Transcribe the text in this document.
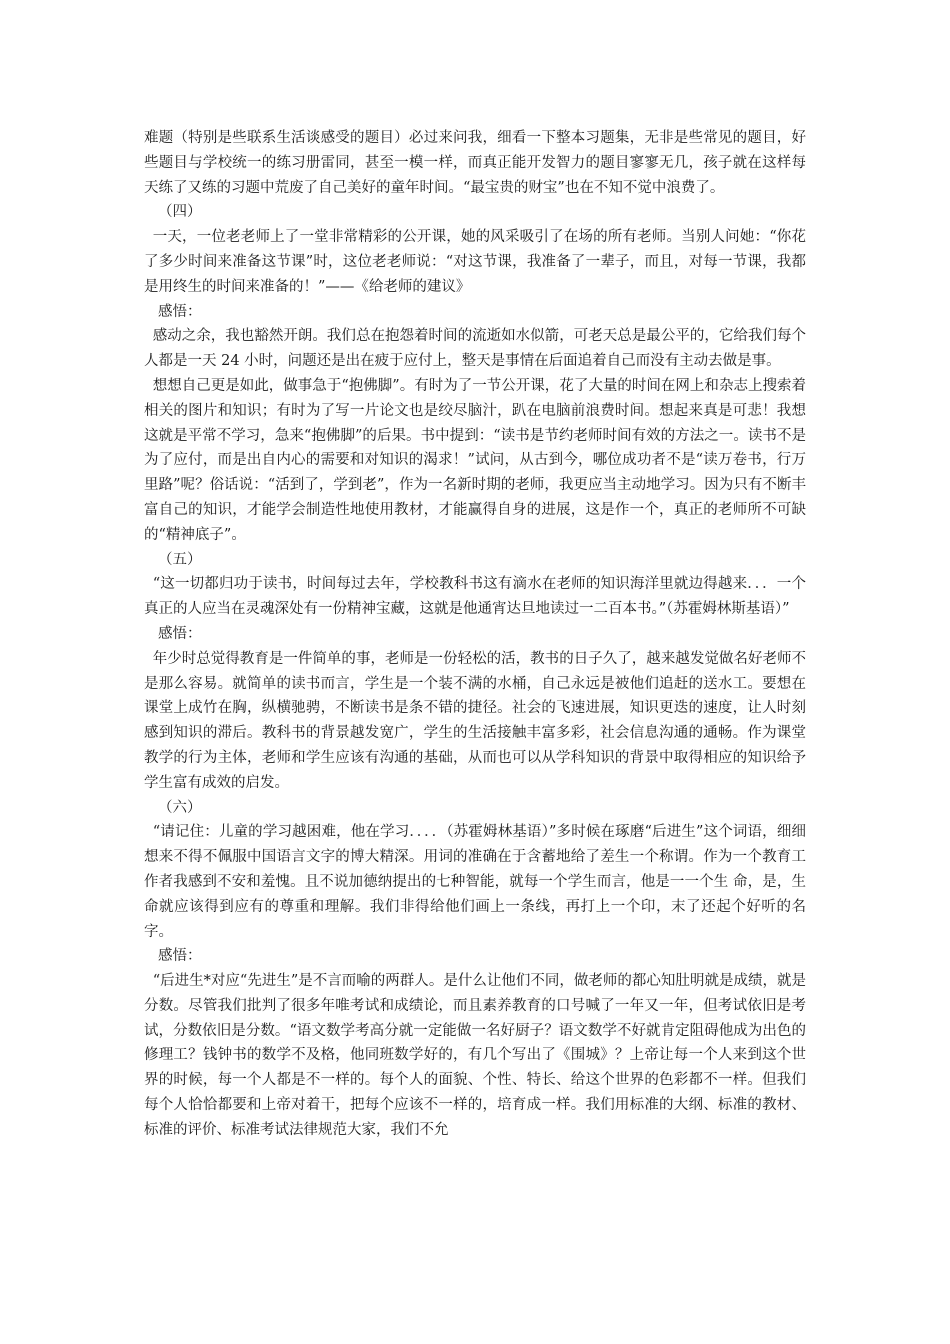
难题（特别是些联系生活谈感受的题目）必过来问我，细看一下整本习题集，无非是些常见的题目，好些题目与学校统一的练习册雷同，甚至一模一样，而真正能开发智力的题目寥寥无几，孩子就在这样每天练了又练的习题中荒废了自己美好的童年时间。“最宝贵的财宝”也在不知不觉中浪费了。

（四）

一天，一位老老师上了一堂非常精彩的公开课，她的风采吸引了在场的所有老师。当别人问她：“你花了多少时间来准备这节课”时，这位老老师说：“对这节课，我准备了一辈子，而且，对每一节课，我都是用终生的时间来准备的！”——《给老师的建议》

感悟：

感动之余，我也豁然开朗。我们总在抱怨着时间的流逝如水似箭，可老天总是最公平的，它给我们每个人都是一天 24 小时，问题还是出在疲于应付上，整天是事情在后面追着自己而没有主动去做是事。

想想自己更是如此，做事急于“抱佛脚”。有时为了一节公开课，花了大量的时间在网上和杂志上搜索着相关的图片和知识；有时为了写一片论文也是绞尽脑汁，趴在电脑前浪费时间。想起来真是可悲！我想这就是平常不学习，急来“抱佛脚”的后果。书中提到：“读书是节约老师时间有效的方法之一。读书不是为了应付，而是出自内心的需要和对知识的渴求！”试问，从古到今，哪位成功者不是“读万卷书，行万里路”呢？俗话说：“活到了，学到老”，作为一名新时期的老师，我更应当主动地学习。因为只有不断丰富自己的知识，才能学会制造性地使用教材，才能赢得自身的进展，这是作一个，真正的老师所不可缺的“精神底子”。

（五）

“这一切都归功于读书，时间每过去年，学校教科书这有滴水在老师的知识海洋里就边得越来．．．一个真正的人应当在灵魂深处有一份精神宝藏，这就是他通宵达旦地读过一二百本书。”（苏霍姆林斯基语）”

感悟：

年少时总觉得教育是一件简单的事，老师是一份轻松的活，教书的日子久了，越来越发觉做名好老师不是那么容易。就简单的读书而言，学生是一个装不满的水桶，自己永远是被他们追赶的送水工。要想在课堂上成竹在胸，纵横驰骋，不断读书是条不错的捷径。社会的飞速进展，知识更迭的速度，让人时刻感到知识的滞后。教科书的背景越发宽广，学生的生活接触丰富多彩，社会信息沟通的通畅。作为课堂教学的行为主体，老师和学生应该有沟通的基础，从而也可以从学科知识的背景中取得相应的知识给予学生富有成效的启发。

（六）

“请记住：儿童的学习越困难，他在学习．．．．（苏霍姆林基语）”多时候在琢磨“后进生”这个词语，细细想来不得不佩服中国语言文字的博大精深。用词的准确在于含蓄地给了差生一个称谓。作为一个教育工作者我感到不安和羞愧。且不说加德纳提出的七种智能，就每一个学生而言，他是一一个生 命，是，生命就应该得到应有的尊重和理解。我们非得给他们画上一条线，再打上一个印，末了还起个好听的名字。

感悟：

“后进生*对应“先进生”是不言而喻的两群人。是什么让他们不同，做老师的都心知肚明就是成绩，就是分数。尽管我们批判了很多年唯考试和成绩论，而且素养教育的口号喊了一年又一年，但考试依旧是考试，分数依旧是分数。“语文数学考高分就一定能做一名好厨子？语文数学不好就肯定阻碍他成为出色的修理工？钱钟书的数学不及格，他同班数学好的，有几个写出了《围城》？上帝让每一个人来到这个世界的时候，每一个人都是不一样的。每个人的面貌、个性、特长、给这个世界的色彩都不一样。但我们每个人恰恰都要和上帝对着干，把每个应该不一样的，培育成一样。我们用标准的大纲、标准的教材、标准的评价、标准考试法律规范大家，我们不允
